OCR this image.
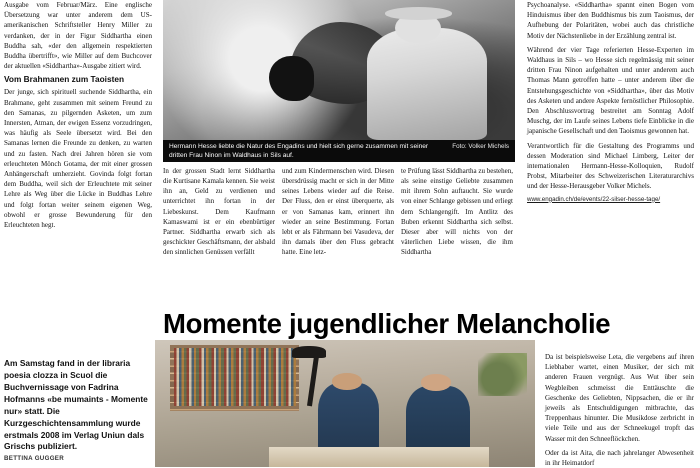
Ausgabe vom Februar/März. Eine englische Übersetzung war unter anderem dem US-amerikanischen Schriftsteller Henry Miller zu verdanken, der in der Figur Siddhartha einen Buddha sah, «der den allgemein respektierten Buddha übertrifft», wie Miller auf dem Buchcover der aktuellen «Siddhartha»-Ausgabe zitiert wird.

Vom Brahmanen zum Taoisten

Der junge, sich spirituell suchende Siddhartha, ein Brahmane, geht zusammen mit seinem Freund zu den Samanas, zu pilgernden Asketen, um zum Innersten, Atman, der ewigen Essenz vorzudringen, was häufig als Seele übersetzt wird. Bei den Samanas lernen die Freunde zu denken, zu warten und zu fasten. Nach drei Jahren hören sie vom erleuchteten Mönch Gotama, der mit einer grossen Anhängerschaft umherzieht. Govinda folgt fortan dem Buddha, weil sich der Erleuchtete mit seiner Lehre als Weg über die Lücke in Buddhas Lehre und folgt fortan weiter seinem eigenen Weg, obwohl er grosse Bewunderung für den Erleuchteten hegt.

Hermann Hesse liebte die Natur des Engadins und hielt sich gerne zusammen mit seiner dritten Frau Ninon im Waldhaus in Sils auf.
Foto: Volker Michels

Psychoanalyse. «Siddhartha» spannt einen Bogen vom Hinduismus über den Buddhismus bis zum Taoismus, der Aufhebung der Polaritäten, wobei auch das christliche Motiv der Nächstenliebe in der Erzählung zentral ist.

Während der vier Tage referierten Hesse-Experten im Waldhaus in Sils – wo Hesse sich regelmässig mit seiner dritten Frau Ninon aufgehalten und unter anderem auch Thomas Mann getroffen hatte – unter anderem über die Entstehungsgeschichte von «Siddhartha», über das Motiv des Asketen und andere Aspekte fernöstlicher Philosophie. Den Abschlussvortrag bestreitet am Sonntag Adolf Muschg, der im Laufe seines Lebens tiefe Einblicke in die japanische Gesellschaft und den Taoismus gewonnen hat.

Verantwortlich für die Gestaltung des Programms und dessen Moderation sind Michael Limberg, Leiter der internationalen Hermann-Hesse-Kolloquien, Rudolf Probst, Mitarbeiter des Schweizerischen Literaturarchivs und der Hesse-Herausgeber Volker Michels.

www.engadin.ch/de/events/22-silser-hesse-tage/

In der grossen Stadt lernt Siddhartha die Kurtisane Kamala kennen. Sie weist ihn an, Geld zu verdienen und unterrichtet ihn fortan in der Liebeskunst. Dem Kaufmann Kamaswami ist er ein ebenbürtiger Partner. Siddhartha erwarb sich als geschickter Geschäftsmann, der alsbald den sinnlichen Genüssen verfällt

und zum Kindermenschen wird. Diesen übersdrüssig macht er sich in der Mitte seines Lebens wieder auf die Reise. Der Fluss, den er einst überquerte, als er von Samanas kam, erinnert ihn wieder an seine Bestimmung. Fortan lebt er als Fährmann bei Vasudeva, der ihn damals über den Fluss gebracht hatte. Eine letz-

te Prüfung lässt Siddhartha zu bestehen, als seine einstige Geliebte zusammen mit ihrem Sohn auftaucht. Sie wurde von einer Schlange gebissen und erliegt dem Schlangengift. Im Antlitz des Buben erkennt Siddhartha sich selbst. Dieser aber will nichts von der väterlichen Liebe wissen, die ihm Siddhartha

Momente jugendlicher Melancholie
Am Samstag fand in der libraria poesia clozza in Scuol die Buchvernissage von Fadrina Hofmanns «be mumaints - Momente nur» statt. Die Kurzgeschichtensammlung wurde erstmals 2008 im Verlag Uniun dals Grischs publiziert.
BETTINA GUGGER

Da ist beispielsweise Leta, die vergebens auf ihren Liebhaber wartet, einen Musiker, der sich mit anderen Frauen vergnügt. Aus Wut über sein Wegbleiben schmeisst die Enttäuschte die Geschenke des Geliebten, Nippsachen, die er ihr jeweils als Entschuldigungen mitbrachte, das Treppenhaus hinunter. Die Musikdose zerbricht in viele Teile und aus der Schneekugel tropft das Wasser mit den Schneeflöckchen.

Oder da ist Aita, die nach jahrelanger Abwesenheit in ihr Heimatdorf
